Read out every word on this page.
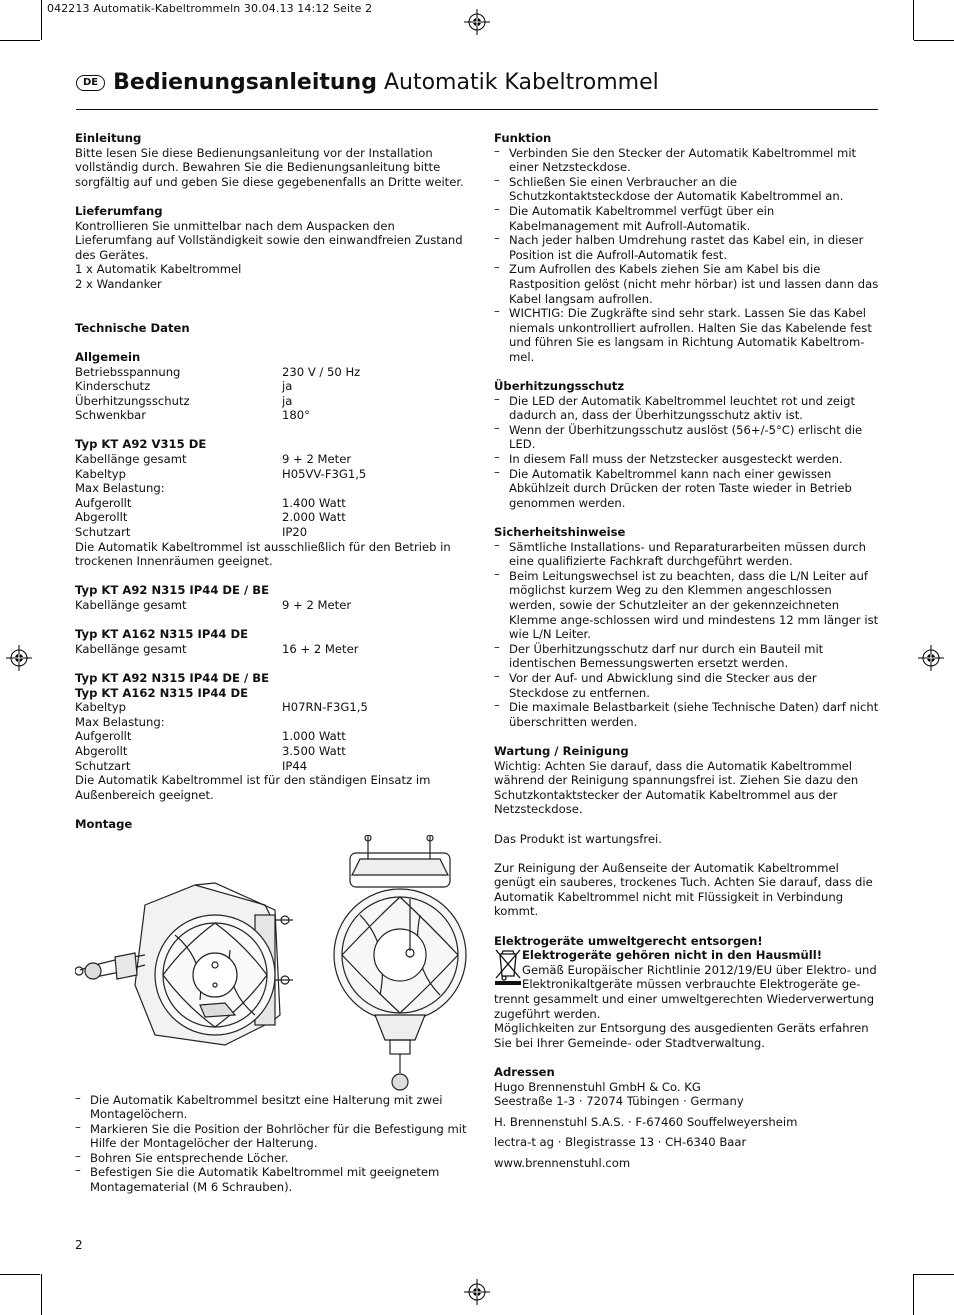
042213 Automatik-Kabeltrommeln 30.04.13 14:12 Seite 2
DE Bedienungsanleitung Automatik Kabeltrommel

Einleitung

Bitte lesen Sie diese Bedienungsanleitung vor der Installation vollständig durch. Bewahren Sie die Bedienungsanleitung bitte sorgfältig auf und geben Sie diese gegebenenfalls an Dritte weiter.

Lieferumfang

Kontrollieren Sie unmittelbar nach dem Auspacken den Lieferumfang auf Vollständigkeit sowie den einwandfreien Zustand des Gerätes.

1 x Automatik Kabeltrommel

2 x Wandanker

Technische Daten

Allgemein

Betriebsspannung	230 V / 50 Hz
Kinderschutz	ja
Überhitzungsschutz	ja
Schwenkbar	180°

Typ KT A92 V315 DE

Kabellänge gesamt	9 + 2 Meter
Kabeltyp	H05VV-F3G1,5
Max Belastung:
Aufgerollt	1.400 Watt
Abgerollt	2.000 Watt
Schutzart	IP20

Die Automatik Kabeltrommel ist ausschließlich für den Betrieb in trockenen Innenräumen geeignet.

Typ KT A92 N315 IP44 DE / BE

Kabellänge gesamt	9 + 2 Meter

Typ KT A162 N315 IP44 DE

Kabellänge gesamt	16 + 2 Meter

Typ KT A92 N315 IP44 DE / BE

Typ KT A162 N315 IP44 DE

Kabeltyp	H07RN-F3G1,5
Max Belastung:
Aufgerollt	1.000 Watt
Abgerollt	3.500 Watt
Schutzart	IP44

Die Automatik Kabeltrommel ist für den ständigen Einsatz im Außenbereich geeignet.

Montage

– Die Automatik Kabeltrommel besitzt eine Halterung mit zwei Montagelöchern.
– Markieren Sie die Position der Bohrlöcher für die Befestigung mit Hilfe der Montagelöcher der Halterung.
– Bohren Sie entsprechende Löcher.
– Befestigen Sie die Automatik Kabeltrommel mit geeignetem Montagematerial (M 6 Schrauben).

Funktion

– Verbinden Sie den Stecker der Automatik Kabeltrommel mit einer Netzsteckdose.
– Schließen Sie einen Verbraucher an die Schutzkontaktsteckdose der Automatik Kabeltrommel an.
– Die Automatik Kabeltrommel verfügt über ein Kabelmanagement mit Aufroll-Automatik.
– Nach jeder halben Umdrehung rastet das Kabel ein, in dieser Position ist die Aufroll-Automatik fest.
– Zum Aufrollen des Kabels ziehen Sie am Kabel bis die Rastposition gelöst (nicht mehr hörbar) ist und lassen dann das Kabel langsam aufrollen.
– WICHTIG: Die Zugkräfte sind sehr stark. Lassen Sie das Kabel niemals unkontrolliert aufrollen. Halten Sie das Kabelende fest und führen Sie es langsam in Richtung Automatik Kabeltrom-mel.

Überhitzungsschutz

– Die LED der Automatik Kabeltrommel leuchtet rot und zeigt dadurch an, dass der Überhitzungsschutz aktiv ist.
– Wenn der Überhitzungsschutz auslöst (56+/-5°C) erlischt die LED.
– In diesem Fall muss der Netzstecker ausgesteckt werden.
– Die Automatik Kabeltrommel kann nach einer gewissen Abkühlzeit durch Drücken der roten Taste wieder in Betrieb genommen werden.

Sicherheitshinweise

– Sämtliche Installations- und Reparaturarbeiten müssen durch eine qualifizierte Fachkraft durchgeführt werden.
– Beim Leitungswechsel ist zu beachten, dass die L/N Leiter auf möglichst kurzem Weg zu den Klemmen angeschlossen werden, sowie der Schutzleiter an der gekennzeichneten Klemme ange-schlossen wird und mindestens 12 mm länger ist wie L/N Leiter.
– Der Überhitzungsschutz darf nur durch ein Bauteil mit identischen Bemessungswerten ersetzt werden.
– Vor der Auf- und Abwicklung sind die Stecker aus der Steckdose zu entfernen.
– Die maximale Belastbarkeit (siehe Technische Daten) darf nicht überschritten werden.

Wartung / Reinigung

Wichtig: Achten Sie darauf, dass die Automatik Kabeltrommel während der Reinigung spannungsfrei ist. Ziehen Sie dazu den Schutzkontaktstecker der Automatik Kabeltrommel aus der Netzsteckdose.

Das Produkt ist wartungsfrei.

Zur Reinigung der Außenseite der Automatik Kabeltrommel genügt ein sauberes, trockenes Tuch. Achten Sie darauf, dass die Automatik Kabeltrommel nicht mit Flüssigkeit in Verbindung kommt.

Elektrogeräte umweltgerecht entsorgen!

Elektrogeräte gehören nicht in den Hausmüll!

Gemäß Europäischer Richtlinie 2012/19/EU über Elektro- und Elektronikaltgeräte müssen verbrauchte Elektrogeräte ge-

trennt gesammelt und einer umweltgerechten Wiederverwertung zugeführt werden.

Möglichkeiten zur Entsorgung des ausgedienten Geräts erfahren Sie bei Ihrer Gemeinde- oder Stadtverwaltung.

Adressen

Hugo Brennenstuhl GmbH & Co. KG

Seestraße 1-3 · 72074 Tübingen · Germany

H. Brennenstuhl S.A.S. · F-67460 Souffelweyersheim

lectra-t ag · Blegistrasse 13 · CH-6340 Baar

www.brennenstuhl.com

2
